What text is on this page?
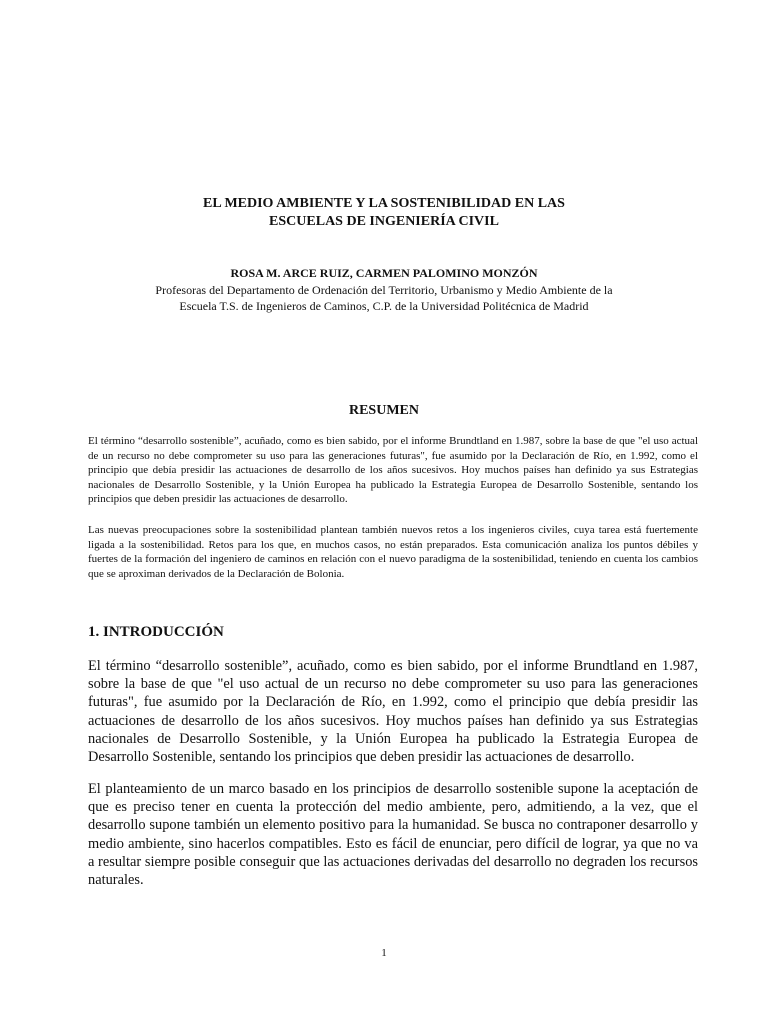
EL MEDIO AMBIENTE Y LA SOSTENIBILIDAD EN LAS
ESCUELAS DE INGENIERÍA CIVIL
ROSA M. ARCE RUIZ, CARMEN PALOMINO MONZÓN
Profesoras del Departamento de Ordenación del Territorio, Urbanismo y Medio Ambiente de la
Escuela T.S. de Ingenieros de Caminos, C.P. de la Universidad Politécnica de Madrid
RESUMEN

El término “desarrollo sostenible”, acuñado, como es bien sabido, por el informe Brundtland en 1.987, sobre la base de que "el uso actual de un recurso no debe comprometer su uso para las generaciones futuras", fue asumido por la Declaración de Río, en 1.992, como el principio que debía presidir las actuaciones de desarrollo de los años sucesivos. Hoy muchos países han definido ya sus Estrategias nacionales de Desarrollo Sostenible, y la Unión Europea ha publicado la Estrategia Europea de Desarrollo Sostenible, sentando los principios que deben presidir las actuaciones de desarrollo.

Las nuevas preocupaciones sobre la sostenibilidad plantean también nuevos retos a los ingenieros civiles, cuya tarea está fuertemente ligada a la sostenibilidad. Retos para los que, en muchos casos, no están preparados. Esta comunicación analiza los puntos débiles y fuertes de la formación del ingeniero de caminos en relación con el nuevo paradigma de la sostenibilidad, teniendo en cuenta los cambios que se aproximan derivados de la Declaración de Bolonia.

1. INTRODUCCIÓN

El término “desarrollo sostenible”, acuñado, como es bien sabido, por el informe Brundtland en 1.987, sobre la base de que "el uso actual de un recurso no debe comprometer su uso para las generaciones futuras", fue asumido por la Declaración de Río, en 1.992, como el principio que debía presidir las actuaciones de desarrollo de los años sucesivos. Hoy muchos países han definido ya sus Estrategias nacionales de Desarrollo Sostenible, y la Unión Europea ha publicado la Estrategia Europea de Desarrollo Sostenible, sentando los principios que deben presidir las actuaciones de desarrollo.

El planteamiento de un marco basado en los principios de desarrollo sostenible supone la aceptación de que es preciso tener en cuenta la protección del medio ambiente, pero, admitiendo, a la vez, que el desarrollo supone también un elemento positivo para la humanidad. Se busca no contraponer desarrollo y medio ambiente, sino hacerlos compatibles. Esto es fácil de enunciar, pero difícil de lograr, ya que no va a resultar siempre posible conseguir que las actuaciones derivadas del desarrollo no degraden los recursos naturales.

1
